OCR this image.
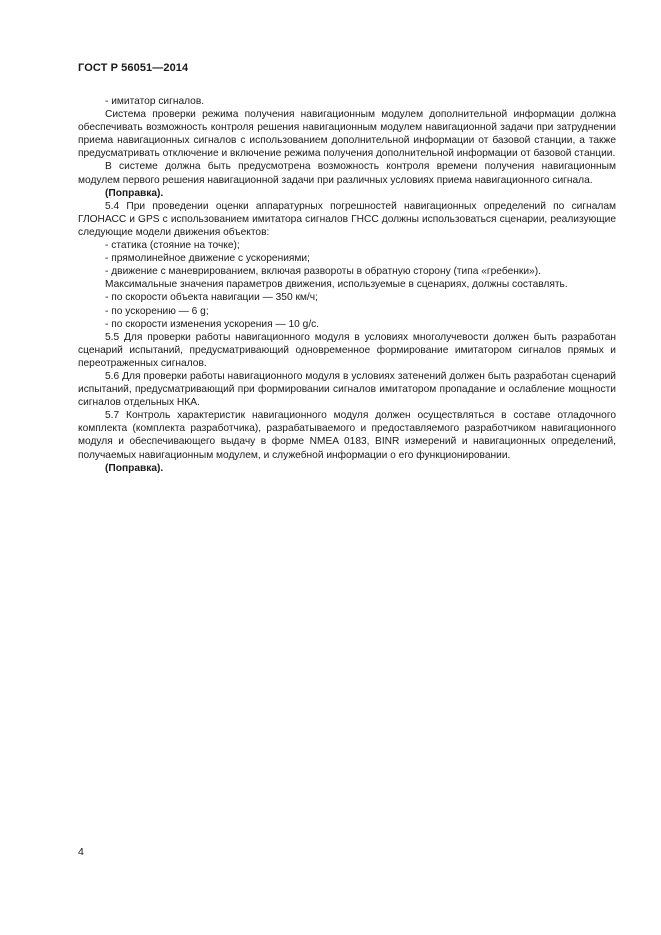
ГОСТ Р 56051—2014

- имитатор сигналов.

Система проверки режима получения навигационным модулем дополнительной информации должна обеспечивать возможность контроля решения навигационным модулем навигационной задачи при затруднении приема навигационных сигналов с использованием дополнительной информации от базовой станции, а также предусматривать отключение и включение режима получения дополнительной информации от базовой станции.

В системе должна быть предусмотрена возможность контроля времени получения навигационным модулем первого решения навигационной задачи при различных условиях приема навигационного сигнала.

(Поправка).

5.4 При проведении оценки аппаратурных погрешностей навигационных определений по сигналам ГЛОНАСС и GPS с использованием имитатора сигналов ГНСС должны использоваться сценарии, реализующие следующие модели движения объектов:

- статика (стояние на точке);

- прямолинейное движение с ускорениями;

- движение с маневрированием, включая развороты в обратную сторону (типа «гребенки»).

Максимальные значения параметров движения, используемые в сценариях, должны составлять.

- по скорости объекта навигации — 350 км/ч;

- по ускорению — 6 g;

- по скорости изменения ускорения — 10 g/c.

5.5 Для проверки работы навигационного модуля в условиях многолучевости должен быть разработан сценарий испытаний, предусматривающий одновременное формирование имитатором сигналов прямых и переотраженных сигналов.

5.6 Для проверки работы навигационного модуля в условиях затенений должен быть разработан сценарий испытаний, предусматривающий при формировании сигналов имитатором пропадание и ослабление мощности сигналов отдельных НКА.

5.7 Контроль характеристик навигационного модуля должен осуществляться в составе отладочного комплекта (комплекта разработчика), разрабатываемого и предоставляемого разработчиком навигационного модуля и обеспечивающего выдачу в форме NMEA 0183, BINR измерений и навигационных определений, получаемых навигационным модулем, и служебной информации о его функционировании.

(Поправка).

4
